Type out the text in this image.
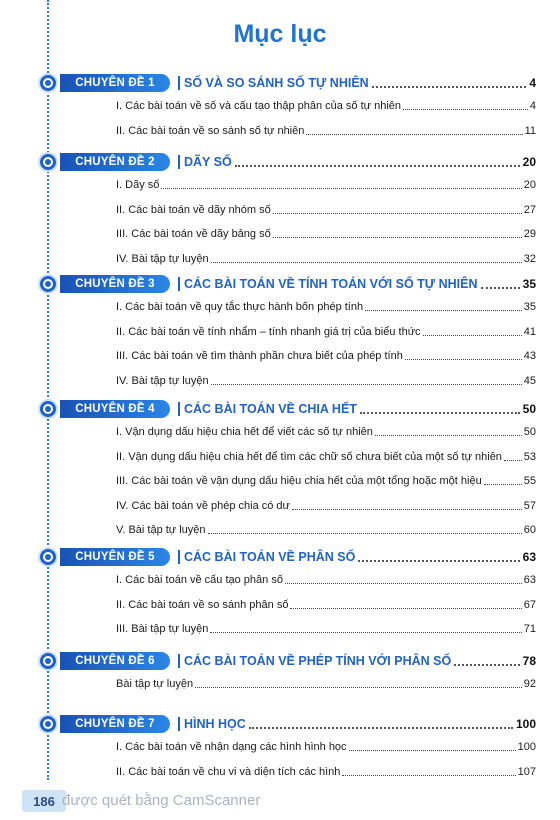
Mục lục
CHUYÊN ĐỀ 1	SỐ VÀ SO SÁNH SỐ TỰ NHIÊN	4
I. Các bài toán về số và cấu tạo thập phân của số tự nhiên	4
II. Các bài toán về so sánh số tự nhiên	11
CHUYÊN ĐỀ 2	DÃY SỐ	20
I. Dãy số	20
II. Các bài toán về dãy nhóm số	27
III. Các bài toán về dãy bảng số	29
IV. Bài tập tự luyện	32
CHUYÊN ĐỀ 3	CÁC BÀI TOÁN VỀ TÍNH TOÁN VỚI SỐ TỰ NHIÊN	35
I. Các bài toán về quy tắc thực hành bốn phép tính	35
II. Các bài toán về tính nhẩm – tính nhanh giá trị của biểu thức	41
III. Các bài toán về tìm thành phần chưa biết của phép tính	43
IV. Bài tập tự luyện	45
CHUYÊN ĐỀ 4	CÁC BÀI TOÁN VỀ CHIA HẾT	50
I. Vận dụng dấu hiệu chia hết để viết các số tự nhiên	50
II. Vận dụng dấu hiệu chia hết để tìm các chữ số chưa biết của một số tự nhiên 53
III. Các bài toán về vận dụng dấu hiệu chia hết của một tổng hoặc một hiệu	55
IV. Các bài toán về phép chia có dư	57
V. Bài tập tự luyện	60
CHUYÊN ĐỀ 5	CÁC BÀI TOÁN VỀ PHÂN SỐ	63
I. Các bài toán về cấu tạo phân số	63
II. Các bài toán về so sánh phân số	67
III. Bài tập tự luyện	71
CHUYÊN ĐỀ 6	CÁC BÀI TOÁN VỀ PHÉP TÍNH VỚI PHÂN SỐ	78
Bài tập tự luyện	92
CHUYÊN ĐỀ 7	HÌNH HỌC	100
I. Các bài toán về nhận dạng các hình hình học	100
II. Các bài toán về chu vi và diện tích các hình	107
186 được quét bằng CamScanner
